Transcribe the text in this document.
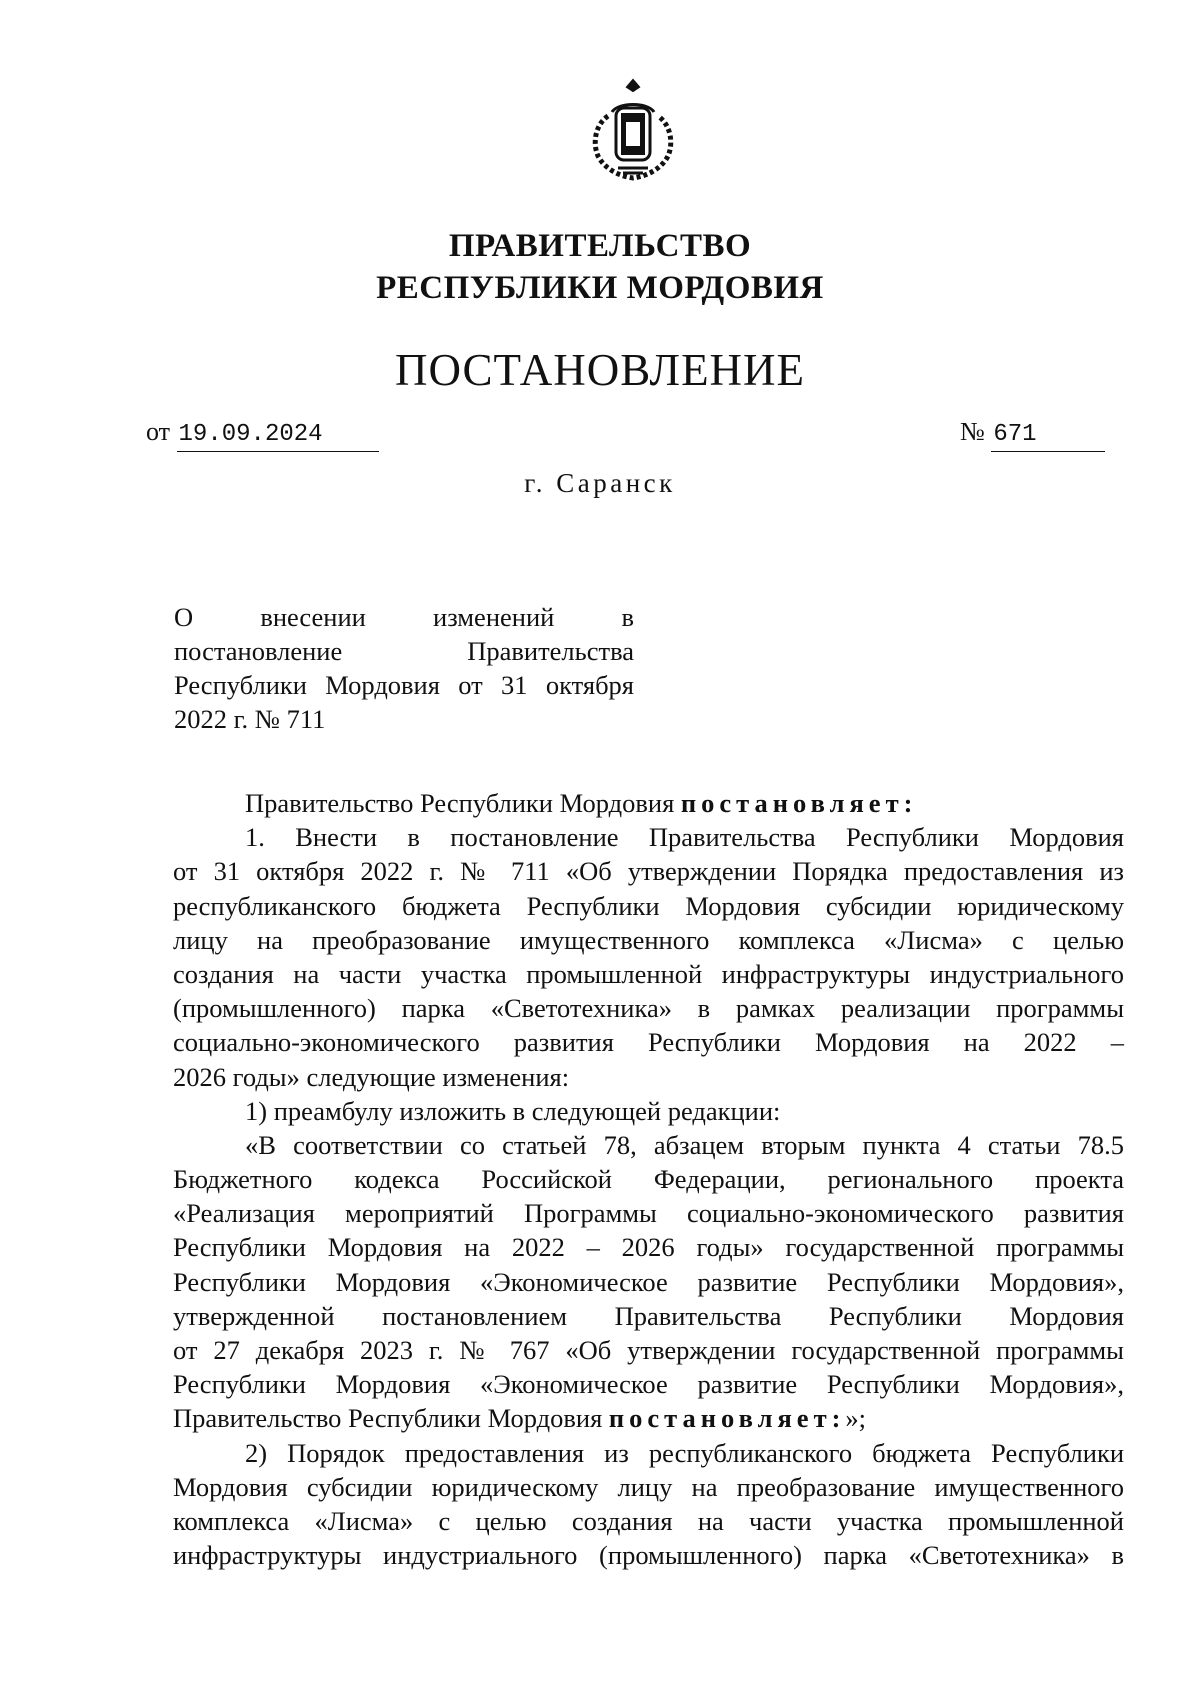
ПРАВИТЕЛЬСТВО
РЕСПУБЛИКИ МОРДОВИЯ
ПОСТАНОВЛЕНИЕ
от 19.09.2024	№ 671
г. Саранск
О внесении изменений в
постановление Правительства
Республики Мордовия от 31 октября
2022 г. № 711
Правительство Республики Мордовия постановляет:
1. Внести в постановление Правительства Республики Мордовия
от 31 октября 2022 г. № 711 «Об утверждении Порядка предоставления из
республиканского бюджета Республики Мордовия субсидии юридическому
лицу на преобразование имущественного комплекса «Лисма» с целью
создания на части участка промышленной инфраструктуры индустриального
(промышленного) парка «Светотехника» в рамках реализации программы
социально-экономического развития Республики Мордовия на 2022 –
2026 годы» следующие изменения:
1) преамбулу изложить в следующей редакции:
«В соответствии со статьей 78, абзацем вторым пункта 4 статьи 78.5
Бюджетного кодекса Российской Федерации, регионального проекта
«Реализация мероприятий Программы социально-экономического развития
Республики Мордовия на 2022 – 2026 годы» государственной программы
Республики Мордовия «Экономическое развитие Республики Мордовия»,
утвержденной постановлением Правительства Республики Мордовия
от 27 декабря 2023 г. № 767 «Об утверждении государственной программы
Республики Мордовия «Экономическое развитие Республики Мордовия»,
Правительство Республики Мордовия постановляет:»;
2) Порядок предоставления из республиканского бюджета Республики
Мордовия субсидии юридическому лицу на преобразование имущественного
комплекса «Лисма» с целью создания на части участка промышленной
инфраструктуры индустриального (промышленного) парка «Светотехника» в
